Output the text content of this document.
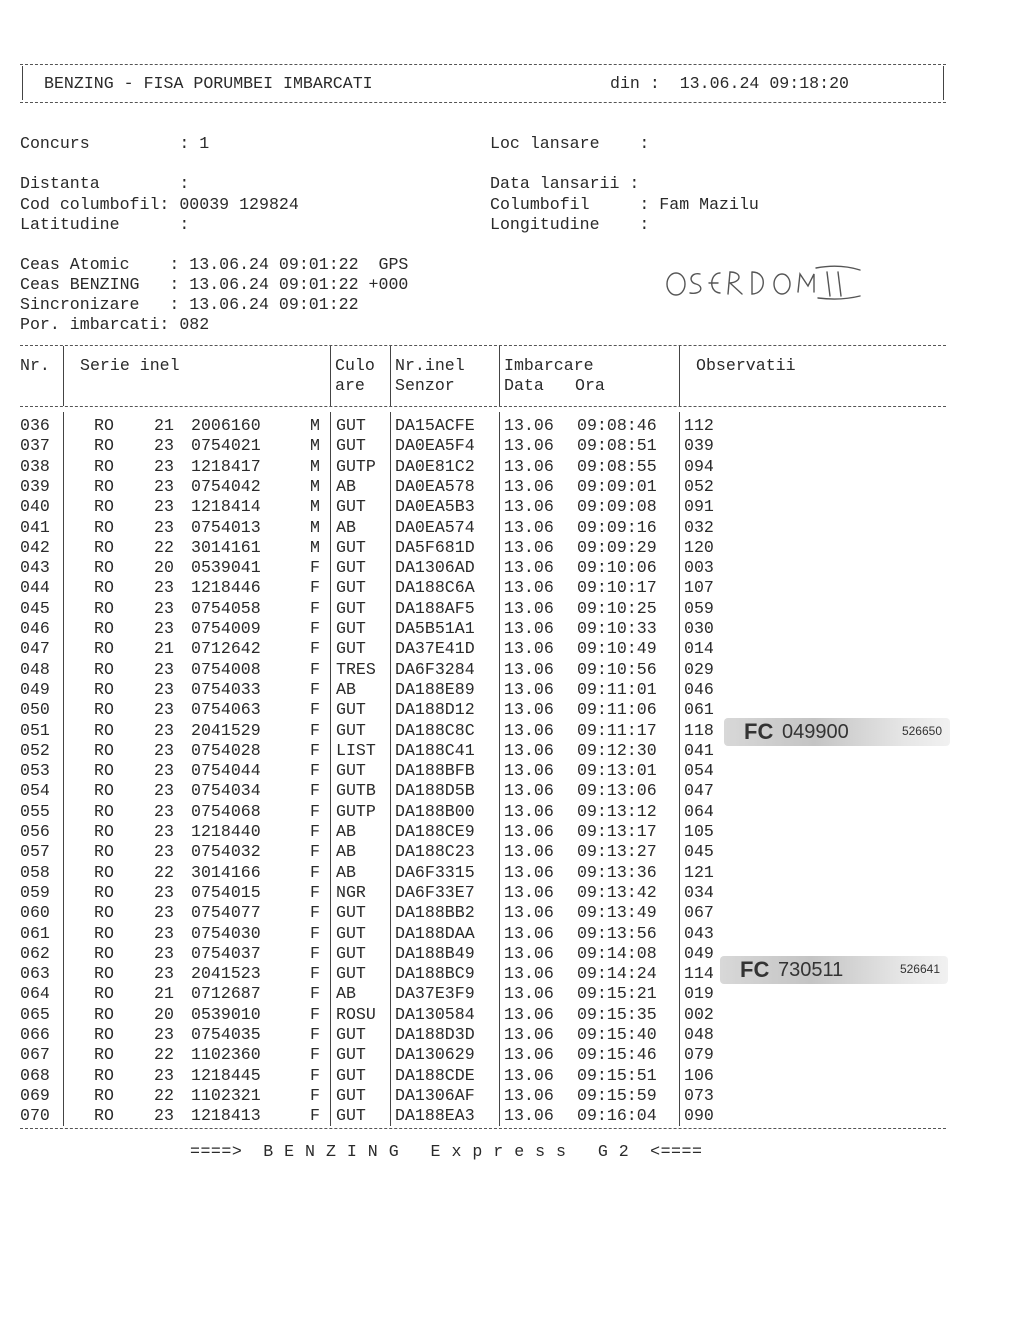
BENZING - FISA PORUMBEI IMBARCATI	din : 13.06.24 09:18:20
Concurs         : 1	Loc lansare    :
Distanta        :	Data lansarii :
Cod columbofil: 00039 129824	Columbofil     : Fam Mazilu
Latitudine      :	Longitudine    :
Ceas Atomic    : 13.06.24 09:01:22  GPS
Ceas BENZING   : 13.06.24 09:01:22 +000
Sincronizare   : 13.06.24 09:01:22
Por. imbarcati: 082
Nr. Serie inel	Culo
are
Nr.inel
Senzor
Imbarcare
Data Ora
Observatii
036	RO 21 2006160	M GUT DA15ACFE 13.06 09:08:46 112
037	RO 23 0754021	M GUT DA0EA5F4 13.06 09:08:51 039
038	RO 23 1218417	M GUTP DA0E81C2 13.06 09:08:55 094
039	RO 23 0754042	M AB DA0EA578 13.06 09:09:01 052
040	RO 23 1218414	M GUT DA0EA5B3 13.06 09:09:08 091
041	RO 23 0754013	M AB DA0EA574 13.06 09:09:16 032
042	RO 22 3014161	M GUT DA5F681D 13.06 09:09:29 120
043	RO 20 0539041	F GUT DA1306AD 13.06 09:10:06 003
044	RO 23 1218446	F GUT DA188C6A 13.06 09:10:17 107
045	RO 23 0754058	F GUT DA188AF5 13.06 09:10:25 059
046	RO 23 0754009	F GUT DA5B51A1 13.06 09:10:33 030
047	RO 21 0712642	F GUT DA37E41D 13.06 09:10:49 014
048	RO 23 0754008	F TRES DA6F3284 13.06 09:10:56 029
049	RO 23 0754033	F AB DA188E89 13.06 09:11:01 046
050	RO 23 0754063	F GUT DA188D12 13.06 09:11:06 061
051	RO 23 2041529	F GUT DA188C8C 13.06 09:11:17 118
052	RO 23 0754028	F LIST DA188C41 13.06 09:12:30 041
053	RO 23 0754044	F GUT DA188BFB 13.06 09:13:01 054
054	RO 23 0754034	F GUTB DA188D5B 13.06 09:13:06 047
055	RO 23 0754068	F GUTP DA188B00 13.06 09:13:12 064
056	RO 23 1218440	F AB DA188CE9 13.06 09:13:17 105
057	RO 23 0754032	F AB DA188C23 13.06 09:13:27 045
058	RO 22 3014166	F AB DA6F3315 13.06 09:13:36 121
059	RO 23 0754015	F NGR DA6F33E7 13.06 09:13:42 034
060	RO 23 0754077	F GUT DA188BB2 13.06 09:13:49 067
061	RO 23 0754030	F GUT DA188DAA 13.06 09:13:56 043
062	RO 23 0754037	F GUT DA188B49 13.06 09:14:08 049
063	RO 23 2041523	F GUT DA188BC9 13.06 09:14:24 114
064	RO 21 0712687	F AB DA37E3F9 13.06 09:15:21 019
065	RO 20 0539010	F ROSU DA130584 13.06 09:15:35 002
066	RO 23 0754035	F GUT DA188D3D 13.06 09:15:40 048
067	RO 22 1102360	F GUT DA130629 13.06 09:15:46 079
068	RO 23 1218445	F GUT DA188CDE 13.06 09:15:51 106
069	RO 22 1102321	F GUT DA1306AF 13.06 09:15:59 073
070	RO 23 1218413	F GUT DA188EA3 13.06 09:16:04 090
FC 049900	526650
FC 730511	526641
====>  B E N Z I N G   E x p r e s s   G 2  <====
